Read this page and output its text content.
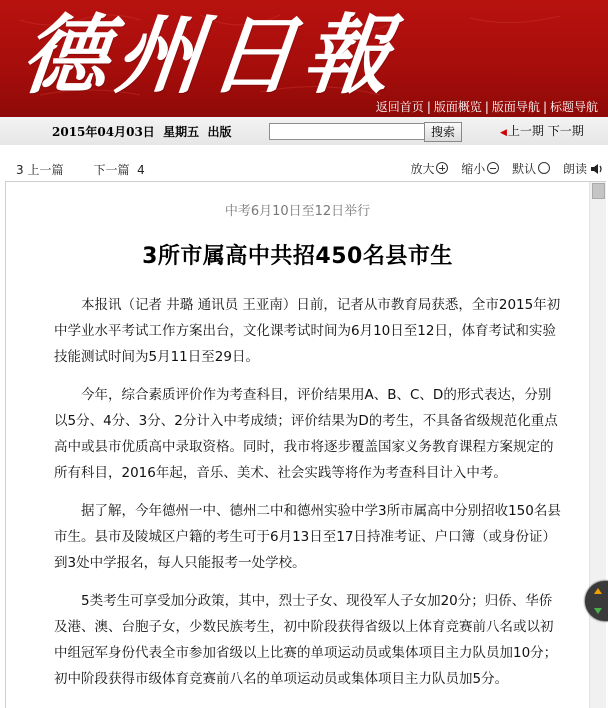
德州日報
返回首页 | 版面概览 | 版面导航 | 标题导航
2015年04月03日  星期五  出版	搜索	◀上一期 下一期
3 上一篇	下一篇  4	放大 缩小 默认 朗读
中考6月10日至12日举行
3所市属高中共招450名县市生

本报讯（记者 井璐 通讯员 王亚南）日前，记者从市教育局获悉，全市2015年初中学业水平考试工作方案出台，文化课考试时间为6月10日至12日，体育考试和实验技能测试时间为5月11日至29日。

今年，综合素质评价作为考查科目，评价结果用A、B、C、D的形式表达，分别以5分、4分、3分、2分计入中考成绩；评价结果为D的考生，不具备省级规范化重点高中或县市优质高中录取资格。同时，我市将逐步覆盖国家义务教育课程方案规定的所有科目，2016年起，音乐、美术、社会实践等将作为考查科目计入中考。

据了解，今年德州一中、德州二中和德州实验中学3所市属高中分别招收150名县市生。县市及陵城区户籍的考生可于6月13日至17日持准考证、户口簿（或身份证）到3处中学报名，每人只能报考一处学校。

5类考生可享受加分政策，其中，烈士子女、现役军人子女加20分；归侨、华侨及港、澳、台胞子女，少数民族考生，初中阶段获得省级以上体育竞赛前八名或以初中组冠军身份代表全市参加省级以上比赛的单项运动员或集体项目主力队员加10分；初中阶段获得市级体育竞赛前八名的单项运动员或集体项目主力队员加5分。
